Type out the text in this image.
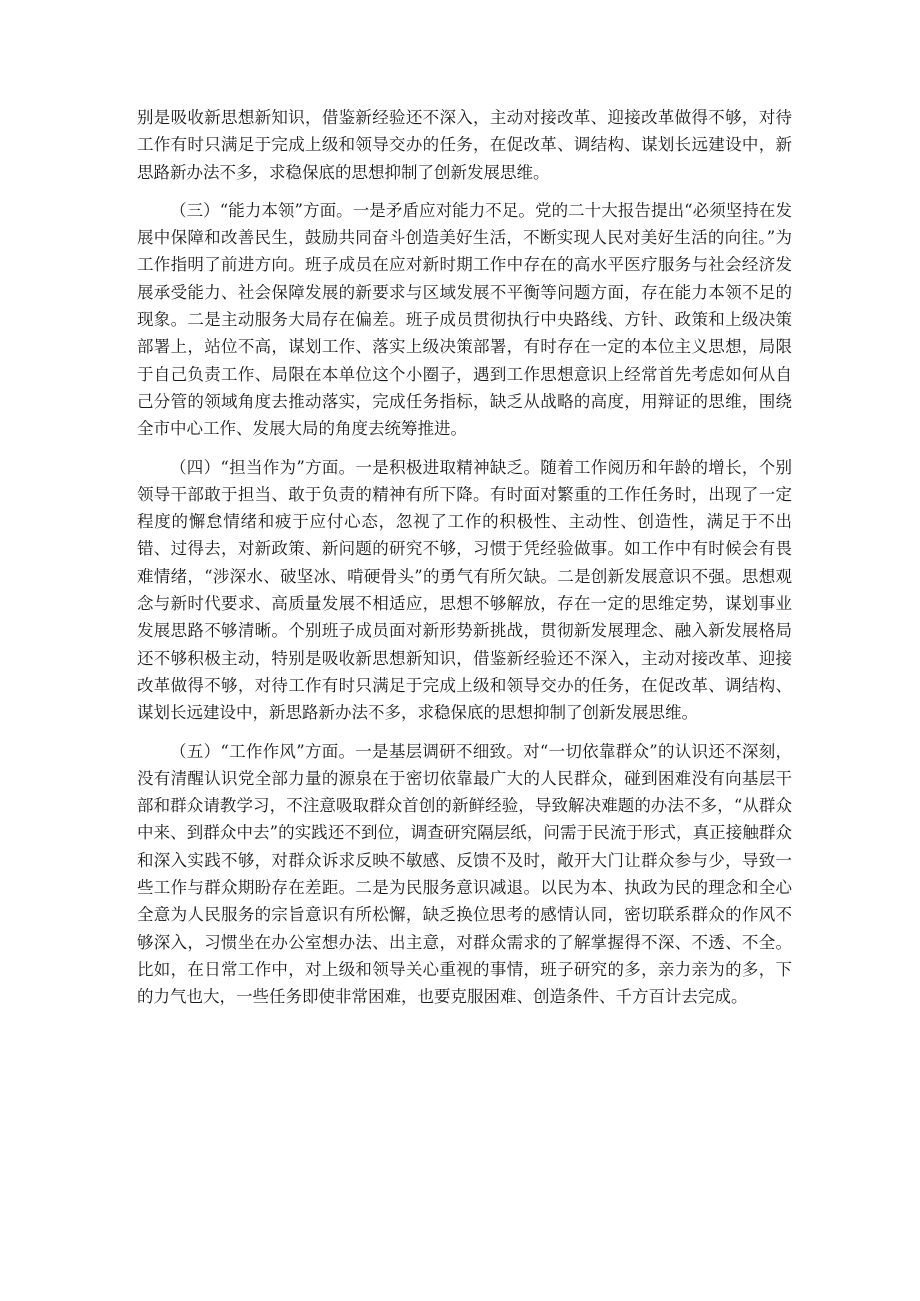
别是吸收新思想新知识，借鉴新经验还不深入，主动对接改革、迎接改革做得不够，对待工作有时只满足于完成上级和领导交办的任务，在促改革、调结构、谋划长远建设中，新思路新办法不多，求稳保底的思想抑制了创新发展思维。

（三）“能力本领”方面。一是矛盾应对能力不足。党的二十大报告提出“必须坚持在发展中保障和改善民生，鼓励共同奋斗创造美好生活，不断实现人民对美好生活的向往。”为工作指明了前进方向。班子成员在应对新时期工作中存在的高水平医疗服务与社会经济发展承受能力、社会保障发展的新要求与区域发展不平衡等问题方面，存在能力本领不足的现象。二是主动服务大局存在偏差。班子成员贯彻执行中央路线、方针、政策和上级决策部署上，站位不高，谋划工作、落实上级决策部署，有时存在一定的本位主义思想，局限于自己负责工作、局限在本单位这个小圈子，遇到工作思想意识上经常首先考虑如何从自己分管的领域角度去推动落实，完成任务指标，缺乏从战略的高度，用辩证的思维，围绕全市中心工作、发展大局的角度去统筹推进。

（四）“担当作为”方面。一是积极进取精神缺乏。随着工作阅历和年龄的增长，个别领导干部敢于担当、敢于负责的精神有所下降。有时面对繁重的工作任务时，出现了一定程度的懈怠情绪和疲于应付心态，忽视了工作的积极性、主动性、创造性，满足于不出错、过得去，对新政策、新问题的研究不够，习惯于凭经验做事。如工作中有时候会有畏难情绪，“涉深水、破坚冰、啃硬骨头”的勇气有所欠缺。二是创新发展意识不强。思想观念与新时代要求、高质量发展不相适应，思想不够解放，存在一定的思维定势，谋划事业发展思路不够清晰。个别班子成员面对新形势新挑战，贯彻新发展理念、融入新发展格局还不够积极主动，特别是吸收新思想新知识，借鉴新经验还不深入，主动对接改革、迎接改革做得不够，对待工作有时只满足于完成上级和领导交办的任务，在促改革、调结构、谋划长远建设中，新思路新办法不多，求稳保底的思想抑制了创新发展思维。

（五）“工作作风”方面。一是基层调研不细致。对“一切依靠群众”的认识还不深刻，没有清醒认识党全部力量的源泉在于密切依靠最广大的人民群众，碰到困难没有向基层干部和群众请教学习，不注意吸取群众首创的新鲜经验，导致解决难题的办法不多，“从群众中来、到群众中去”的实践还不到位，调查研究隔层纸，问需于民流于形式，真正接触群众和深入实践不够，对群众诉求反映不敏感、反馈不及时，敞开大门让群众参与少，导致一些工作与群众期盼存在差距。二是为民服务意识减退。以民为本、执政为民的理念和全心全意为人民服务的宗旨意识有所松懈，缺乏换位思考的感情认同，密切联系群众的作风不够深入，习惯坐在办公室想办法、出主意，对群众需求的了解掌握得不深、不透、不全。比如，在日常工作中，对上级和领导关心重视的事情，班子研究的多，亲力亲为的多，下的力气也大，一些任务即使非常困难，也要克服困难、创造条件、千方百计去完成。
